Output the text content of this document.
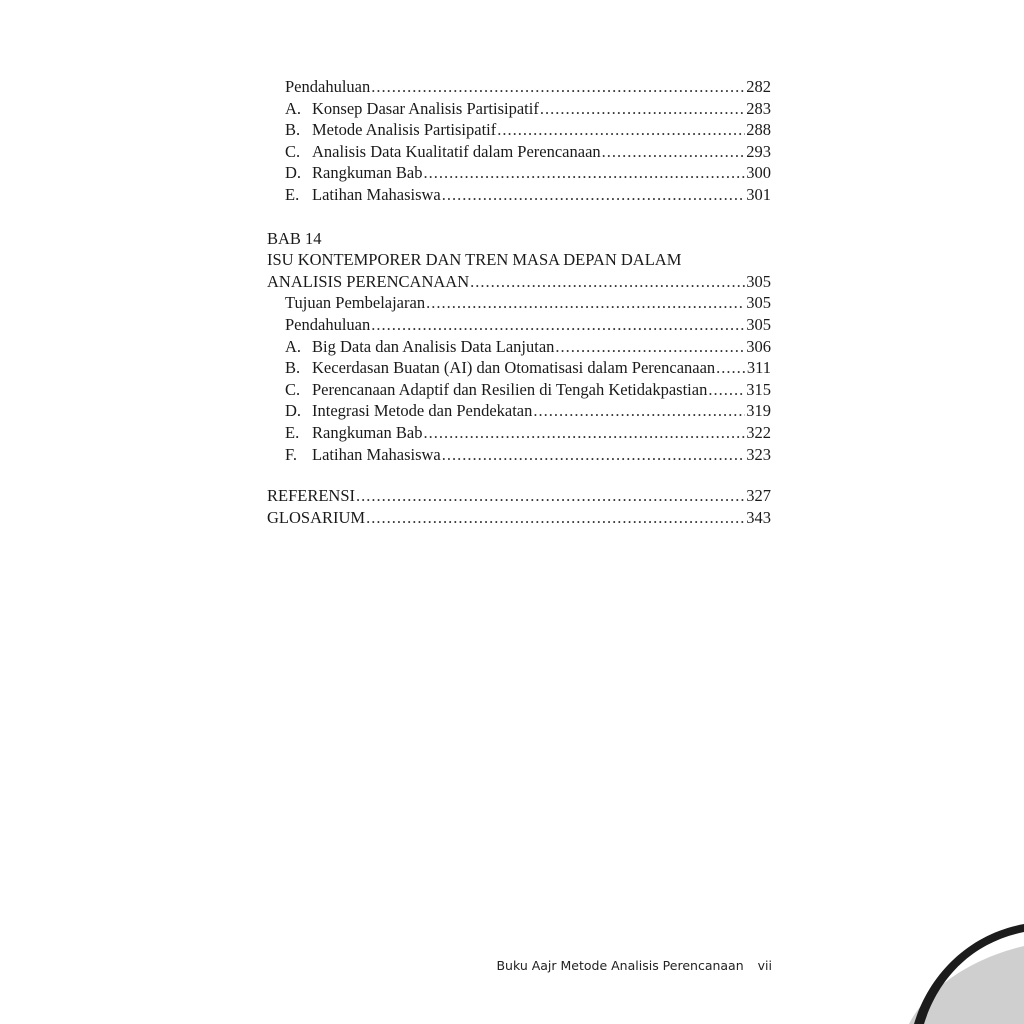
Pendahuluan .....	282
A. Konsep Dasar Analisis Partisipatif .....	283
B. Metode Analisis Partisipatif .....	288
C. Analisis Data Kualitatif dalam Perencanaan .....	293
D. Rangkuman Bab .....	300
E. Latihan Mahasiswa .....	301
BAB 14
ISU KONTEMPORER DAN TREN MASA DEPAN DALAM
ANALISIS PERENCANAAN .....	305
Tujuan Pembelajaran .....	305
Pendahuluan .....	305
A. Big Data dan Analisis Data Lanjutan .....	306
B. Kecerdasan Buatan (AI) dan Otomatisasi dalam Perencanaan ..... 311
C. Perencanaan Adaptif dan Resilien di Tengah Ketidakpastian ..... 315
D. Integrasi Metode dan Pendekatan .....	319
E. Rangkuman Bab .....	322
F. Latihan Mahasiswa .....	323
REFERENSI .....	327
GLOSARIUM .....	343
Buku Aajr Metode Analisis Perencanaan vii
